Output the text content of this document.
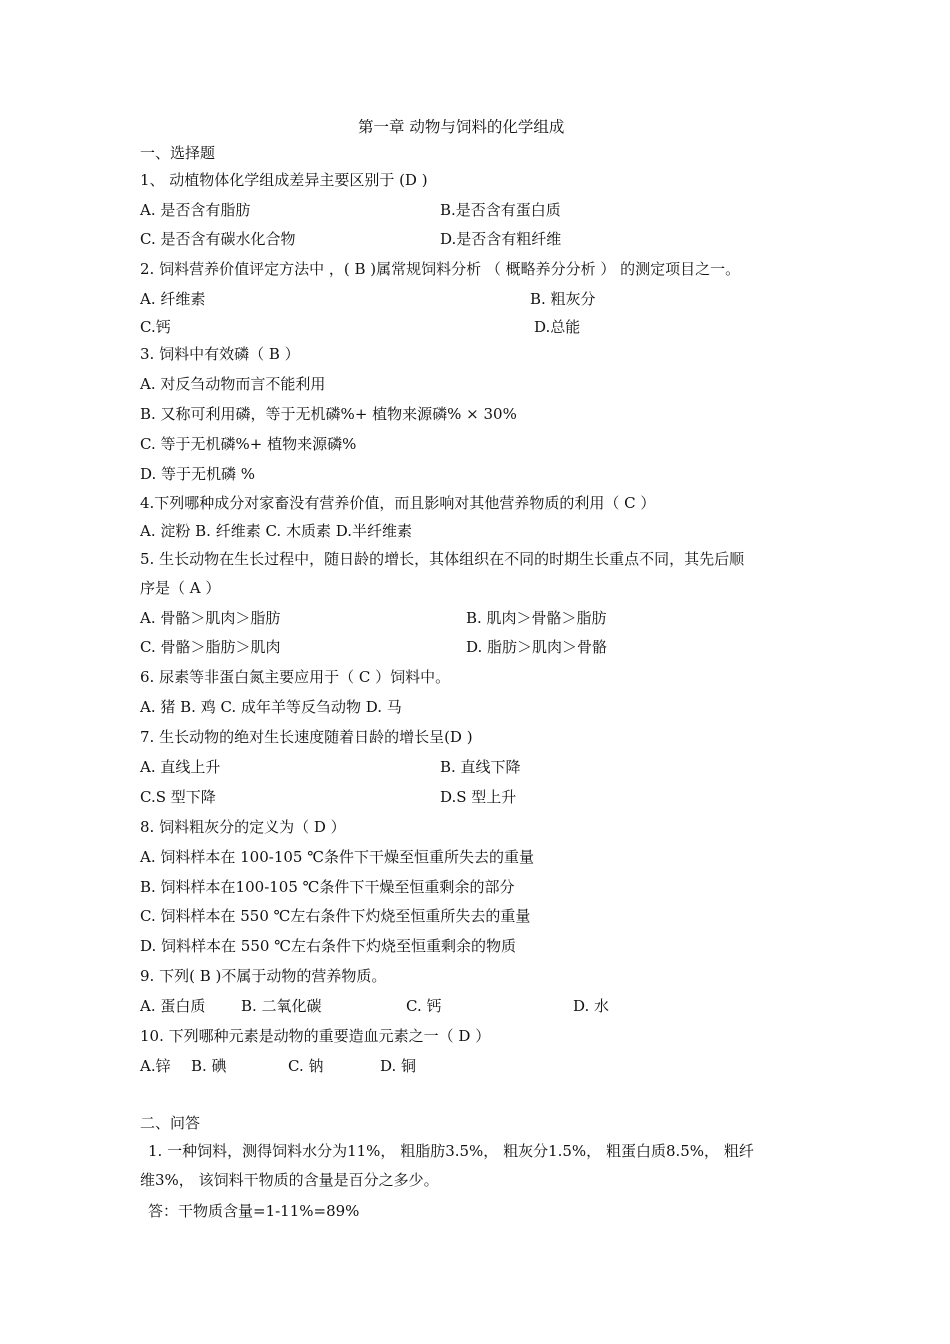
第一章 动物与饲料的化学组成
一、选择题
1、 动植物体化学组成差异主要区别于 (D )
A. 是否含有脂肪	B.是否含有蛋白质
C. 是否含有碳水化合物	D.是否含有粗纤维
2. 饲料营养价值评定方法中 ，( B )属常规饲料分析 （ 概略养分分析 ） 的测定项目之一。
A. 纤维素	B. 粗灰分
C.钙	D.总能
3. 饲料中有效磷（ B ）
A. 对反刍动物而言不能利用
B. 又称可利用磷，等于无机磷%+ 植物来源磷% × 30%
C. 等于无机磷%+ 植物来源磷%
D. 等于无机磷 %
4.下列哪种成分对家畜没有营养价值，而且影响对其他营养物质的利用（ C ）
A. 淀粉 B. 纤维素 C. 木质素 D.半纤维素
5. 生长动物在生长过程中，随日龄的增长，其体组织在不同的时期生长重点不同，其先后顺
序是（ A ）
A. 骨骼＞肌肉＞脂肪	B. 肌肉＞骨骼＞脂肪
C. 骨骼＞脂肪＞肌肉	D. 脂肪＞肌肉＞骨骼
6. 尿素等非蛋白氮主要应用于（ C ）饲料中。
A. 猪 B. 鸡 C. 成年羊等反刍动物 D. 马
7. 生长动物的绝对生长速度随着日龄的增长呈(D )
A. 直线上升	B. 直线下降
C.S 型下降	D.S 型上升
8. 饲料粗灰分的定义为（ D ）
A. 饲料样本在 100-105 ℃条件下干燥至恒重所失去的重量
B. 饲料样本在100-105 ℃条件下干燥至恒重剩余的部分
C. 饲料样本在 550 ℃左右条件下灼烧至恒重所失去的重量
D. 饲料样本在 550 ℃左右条件下灼烧至恒重剩余的物质
9. 下列( B )不属于动物的营养物质。
A. 蛋白质 B. 二氧化碳	C. 钙	D. 水
10. 下列哪种元素是动物的重要造血元素之一（ D ）
A.锌 B. 碘	C. 钠	D. 铜
二、问答
1. 一种饲料，测得饲料水分为11%， 粗脂肪3.5%， 粗灰分1.5%， 粗蛋白质8.5%， 粗纤
维3%， 该饲料干物质的含量是百分之多少。
答：干物质含量=1-11%=89%
